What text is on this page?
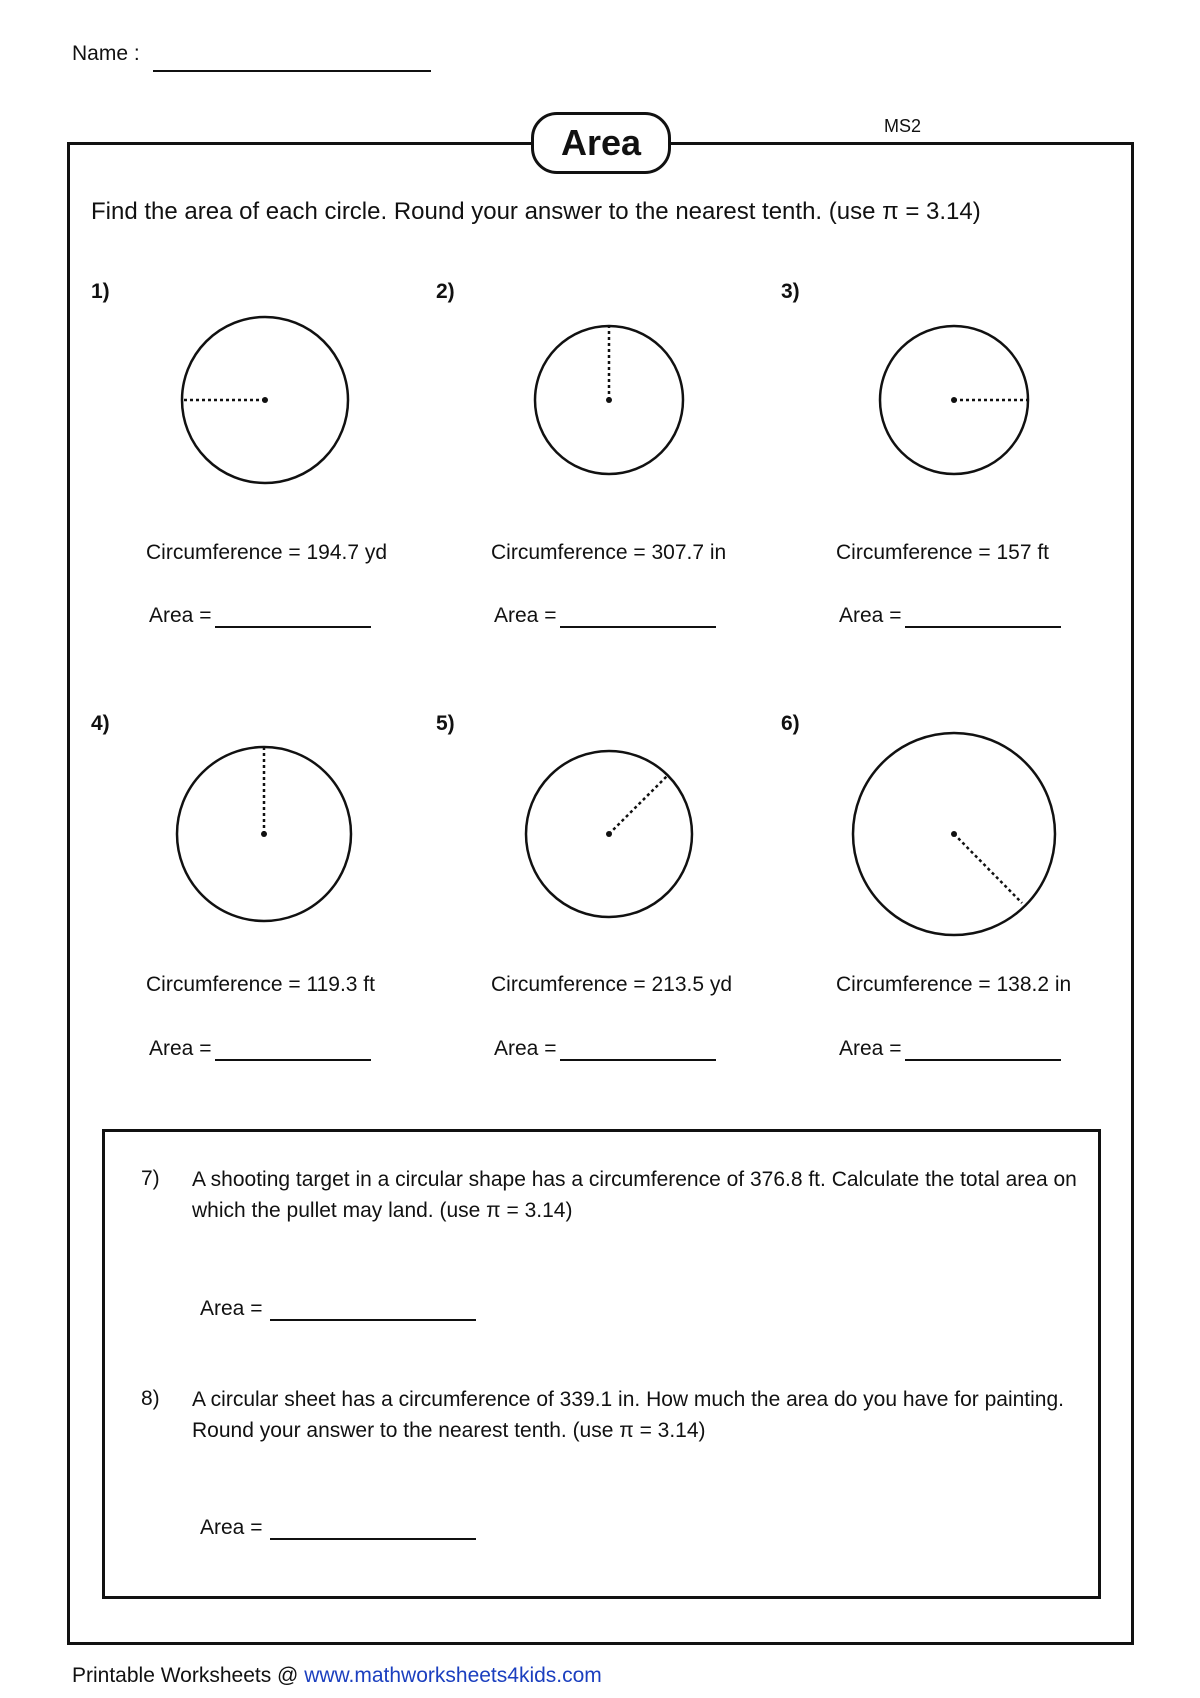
Name :
Area	MS2
Find the area of each circle. Round your answer to the nearest tenth. (use π = 3.14)
1)
Circumference = 194.7 yd
Area =
2)
Circumference = 307.7 in
Area =
3)
Circumference = 157 ft
Area =
4)
Circumference = 119.3 ft
Area =
5)
Circumference = 213.5 yd
Area =
6)
Circumference = 138.2 in
Area =
7) A shooting target in a circular shape has a circumference of 376.8 ft. Calculate the total area on which the pullet may land. (use π = 3.14)
Area =
8) A circular sheet has a circumference of 339.1 in. How much the area do you have for painting. Round your answer to the nearest tenth. (use π = 3.14)
Area =
Printable Worksheets @ www.mathworksheets4kids.com
